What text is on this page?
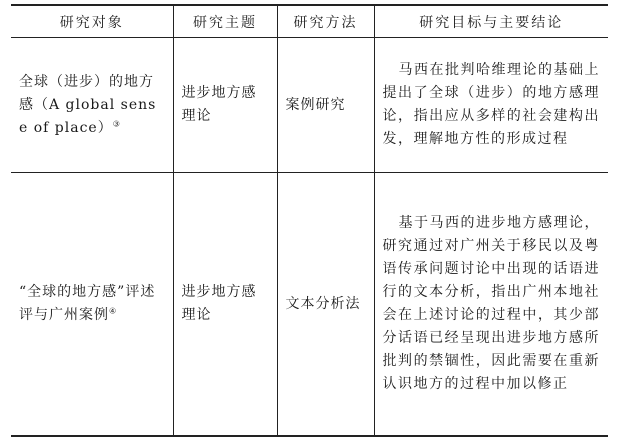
研究对象	研究主题	研究方法	研究目标与主要结论
全球（进步）的地方感（A global sense of place）③	进步地方感理论	案例研究	马西在批判哈维理论的基础上提出了全球（进步）的地方感理论，指出应从多样的社会建构出发，理解地方性的形成过程
“全球的地方感”评述评与广州案例④	进步地方感理论	文本分析法	基于马西的进步地方感理论，研究通过对广州关于移民以及粤语传承问题讨论中出现的话语进行的文本分析，指出广州本地社会在上述讨论的过程中，其少部分话语已经呈现出进步地方感所批判的禁锢性，因此需要在重新认识地方的过程中加以修正
